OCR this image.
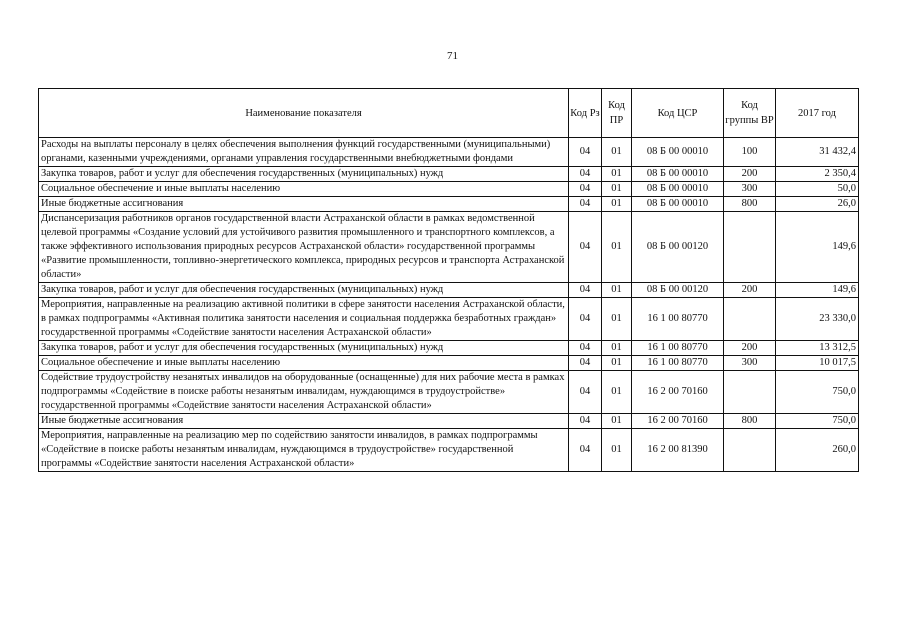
71
Наименование показателя	Код Рз	Код ПР	Код ЦСР	Код группы ВР	2017 год
Расходы на выплаты персоналу в целях обеспечения выполнения функций государственными (муниципальными) органами, казенными учреждениями, органами управления государственными внебюджетными фондами	04	01	08 Б 00 00010	100	31 432,4
Закупка товаров, работ и услуг для обеспечения государственных (муниципальных) нужд	04	01	08 Б 00 00010	200	2 350,4
Социальное обеспечение и иные выплаты населению	04	01	08 Б 00 00010	300	50,0
Иные бюджетные ассигнования	04	01	08 Б 00 00010	800	26,0
Диспансеризация работников органов государственной власти Астраханской области в рамках ведомственной целевой программы «Создание условий для устойчивого развития промышленного и транспортного комплексов, а также эффективного использования природных ресурсов Астраханской области» государственной программы «Развитие промышленности, топливно-энергетического комплекса, природных ресурсов и транспорта Астраханской области»	04	01	08 Б 00 00120		149,6
Закупка товаров, работ и услуг для обеспечения государственных (муниципальных) нужд	04	01	08 Б 00 00120	200	149,6
Мероприятия, направленные на реализацию активной политики в сфере занятости населения Астраханской области, в рамках подпрограммы «Активная политика занятости населения и социальная поддержка безработных граждан» государственной программы «Содействие занятости населения Астраханской области»	04	01	16 1 00 80770		23 330,0
Закупка товаров, работ и услуг для обеспечения государственных (муниципальных) нужд	04	01	16 1 00 80770	200	13 312,5
Социальное обеспечение и иные выплаты населению	04	01	16 1 00 80770	300	10 017,5
Содействие трудоустройству незанятых инвалидов на оборудованные (оснащенные) для них рабочие места в рамках подпрограммы «Содействие в поиске работы незанятым инвалидам, нуждающимся в трудоустройстве» государственной программы «Содействие занятости населения Астраханской области»	04	01	16 2 00 70160		750,0
Иные бюджетные ассигнования	04	01	16 2 00 70160	800	750,0
Мероприятия, направленные на реализацию мер по содействию занятости инвалидов, в рамках подпрограммы «Содействие в поиске работы незанятым инвалидам, нуждающимся в трудоустройстве» государственной программы «Содействие занятости населения Астраханской области»	04	01	16 2 00 81390		260,0
